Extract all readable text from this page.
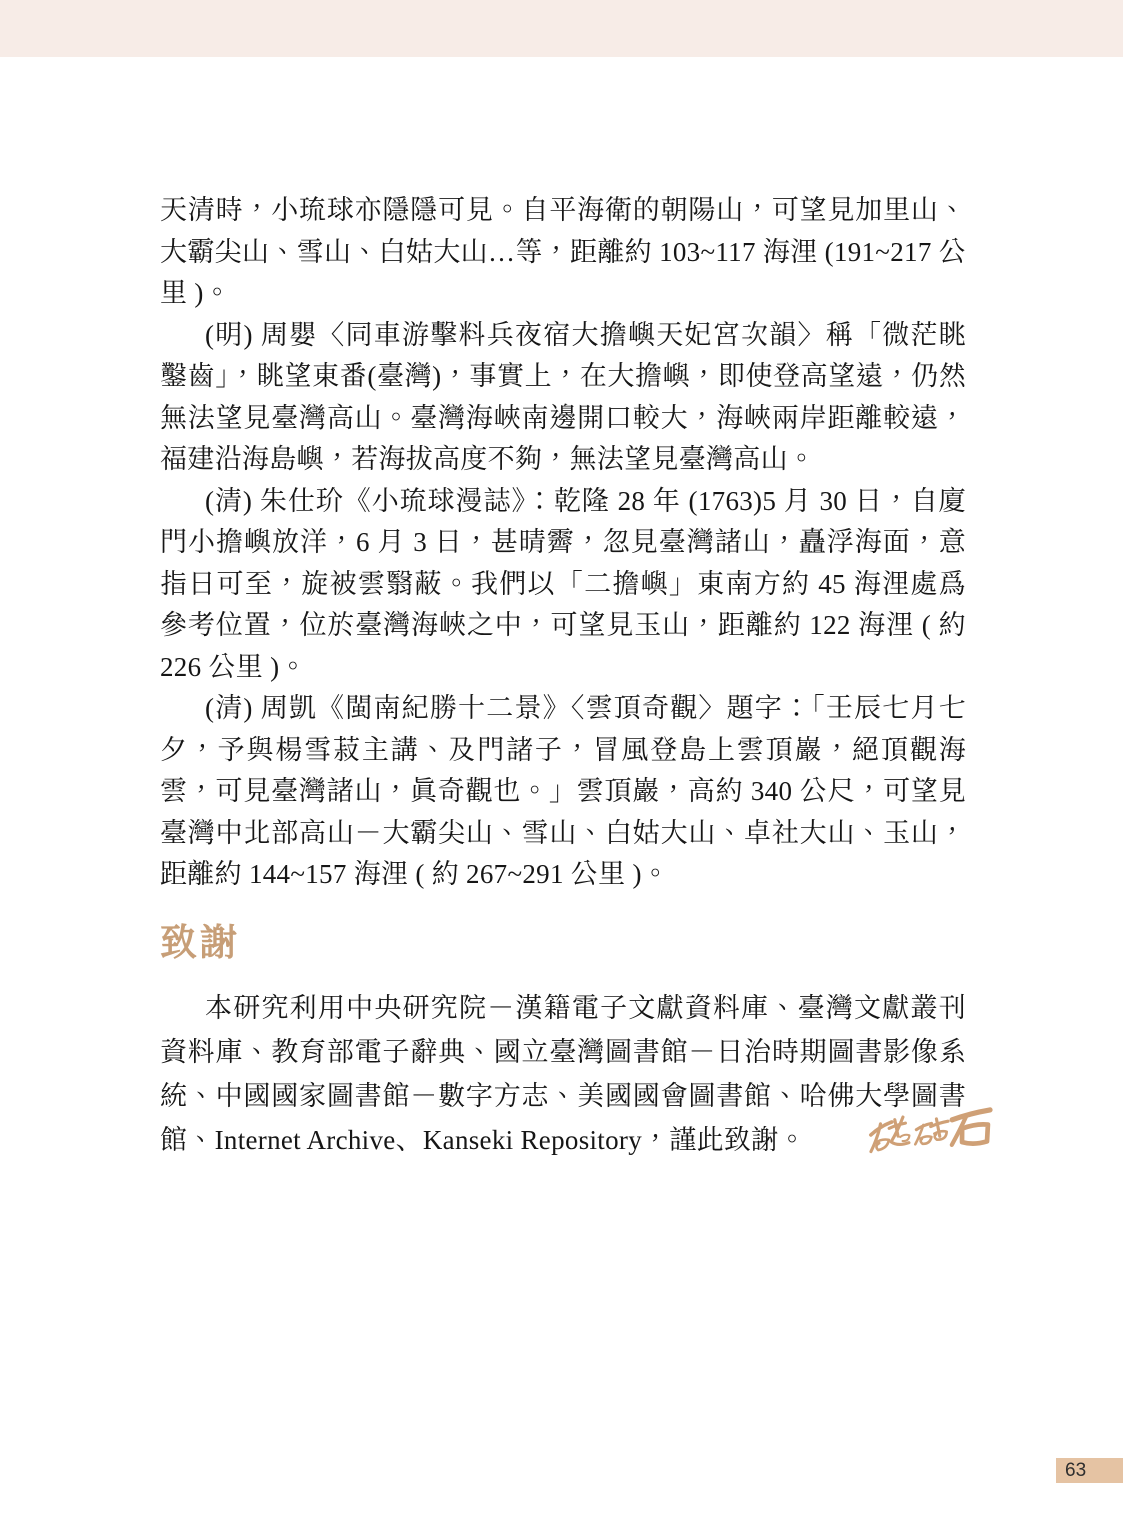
天清時，小琉球亦隱隱可見。自平海衛的朝陽山，可望見加里山、大霸尖山、雪山、白姑大山…等，距離約 103~117 海浬 (191~217 公里 )。

(明) 周嬰〈同車游擊料兵夜宿大擔嶼天妃宮次韻〉稱「微茫眺鑿齒」，眺望東番(臺灣)，事實上，在大擔嶼，即使登高望遠，仍然無法望見臺灣高山。臺灣海峽南邊開口較大，海峽兩岸距離較遠，福建沿海島嶼，若海拔高度不夠，無法望見臺灣高山。

(清) 朱仕玠《小琉球漫誌》：乾隆 28 年 (1763)5 月 30 日，自廈門小擔嶼放洋，6 月 3 日，甚晴霽，忽見臺灣諸山，矗浮海面，意指日可至，旋被雲翳蔽。我們以「二擔嶼」東南方約 45 海浬處爲參考位置，位於臺灣海峽之中，可望見玉山，距離約 122 海浬 ( 約 226 公里 )。

(清) 周凱《閩南紀勝十二景》〈雲頂奇觀〉題字：「壬辰七月七夕，予與楊雪菽主講、及門諸子，冒風登島上雲頂巖，絕頂觀海雲，可見臺灣諸山，眞奇觀也。」雲頂巖，高約 340 公尺，可望見臺灣中北部高山－大霸尖山、雪山、白姑大山、卓社大山、玉山，距離約 144~157 海浬 ( 約 267~291 公里 )。

致謝

本研究利用中央研究院－漢籍電子文獻資料庫、臺灣文獻叢刊資料庫、教育部電子辭典、國立臺灣圖書館－日治時期圖書影像系統、中國國家圖書館－數字方志、美國國會圖書館、哈佛大學圖書館、Internet Archive、Kanseki Repository，謹此致謝。

63
